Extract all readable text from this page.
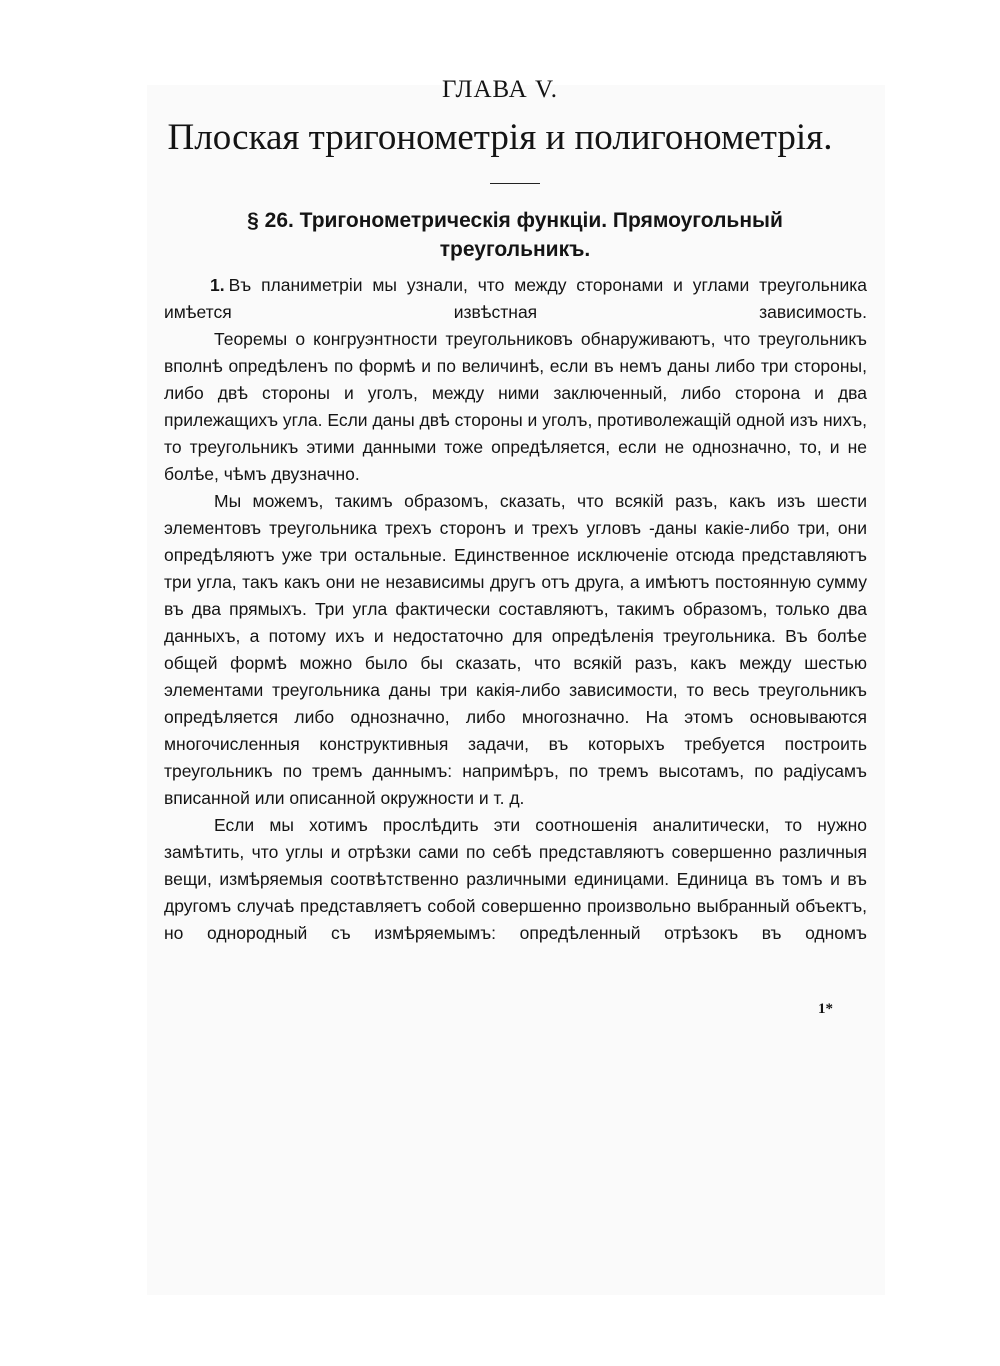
ГЛАВА V.
Плоская тригонометрія и полигонометрія.
§ 26. Тригонометрическія функціи. Прямоугольный треугольникъ.

1. Въ планиметріи мы узнали, что между сторонами и углами треугольника имѣется извѣстная зависимость.

Теоремы о конгруэнтности треугольниковъ обнаруживаютъ, что треугольникъ вполнѣ опредѣленъ по формѣ и по величинѣ, если въ немъ даны либо три стороны, либо двѣ стороны и уголъ, между ними заключенный, либо сторона и два прилежащихъ угла. Если даны двѣ стороны и уголъ, противолежащій одной изъ нихъ, то треугольникъ этими данными тоже опредѣляется, если не однозначно, то, и не болѣе, чѣмъ двузначно.

Мы можемъ, такимъ образомъ, сказать, что всякій разъ, какъ изъ шести элементовъ треугольника трехъ сторонъ и трехъ угловъ -даны какіе-либо три, они опредѣляютъ уже три остальные. Единственное исключеніе отсюда представляютъ три угла, такъ какъ они не независимы другъ отъ друга, а имѣютъ постоянную сумму въ два прямыхъ. Три угла фактически составляютъ, такимъ образомъ, только два данныхъ, а потому ихъ и недостаточно для опредѣленія треугольника. Въ болѣе общей формѣ можно было бы сказать, что всякій разъ, какъ между шестью элементами треугольника даны три какія-либо зависимости, то весь треугольникъ опредѣляется либо однозначно, либо многозначно. На этомъ основываются многочисленныя конструктивныя задачи, въ которыхъ требуется построить треугольникъ по тремъ даннымъ: напримѣръ, по тремъ высотамъ, по радіусамъ вписанной или описанной окружности и т. д.

Если мы хотимъ прослѣдить эти соотношенія аналитически, то нужно замѣтить, что углы и отрѣзки сами по себѣ представляютъ совершенно различныя вещи, измѣряемыя соотвѣтственно различными единицами. Единица въ томъ и въ другомъ случаѣ представляетъ собой совершенно произвольно выбранный объектъ, но однородный съ измѣряемымъ: опредѣленный отрѣзокъ въ одномъ

1*
